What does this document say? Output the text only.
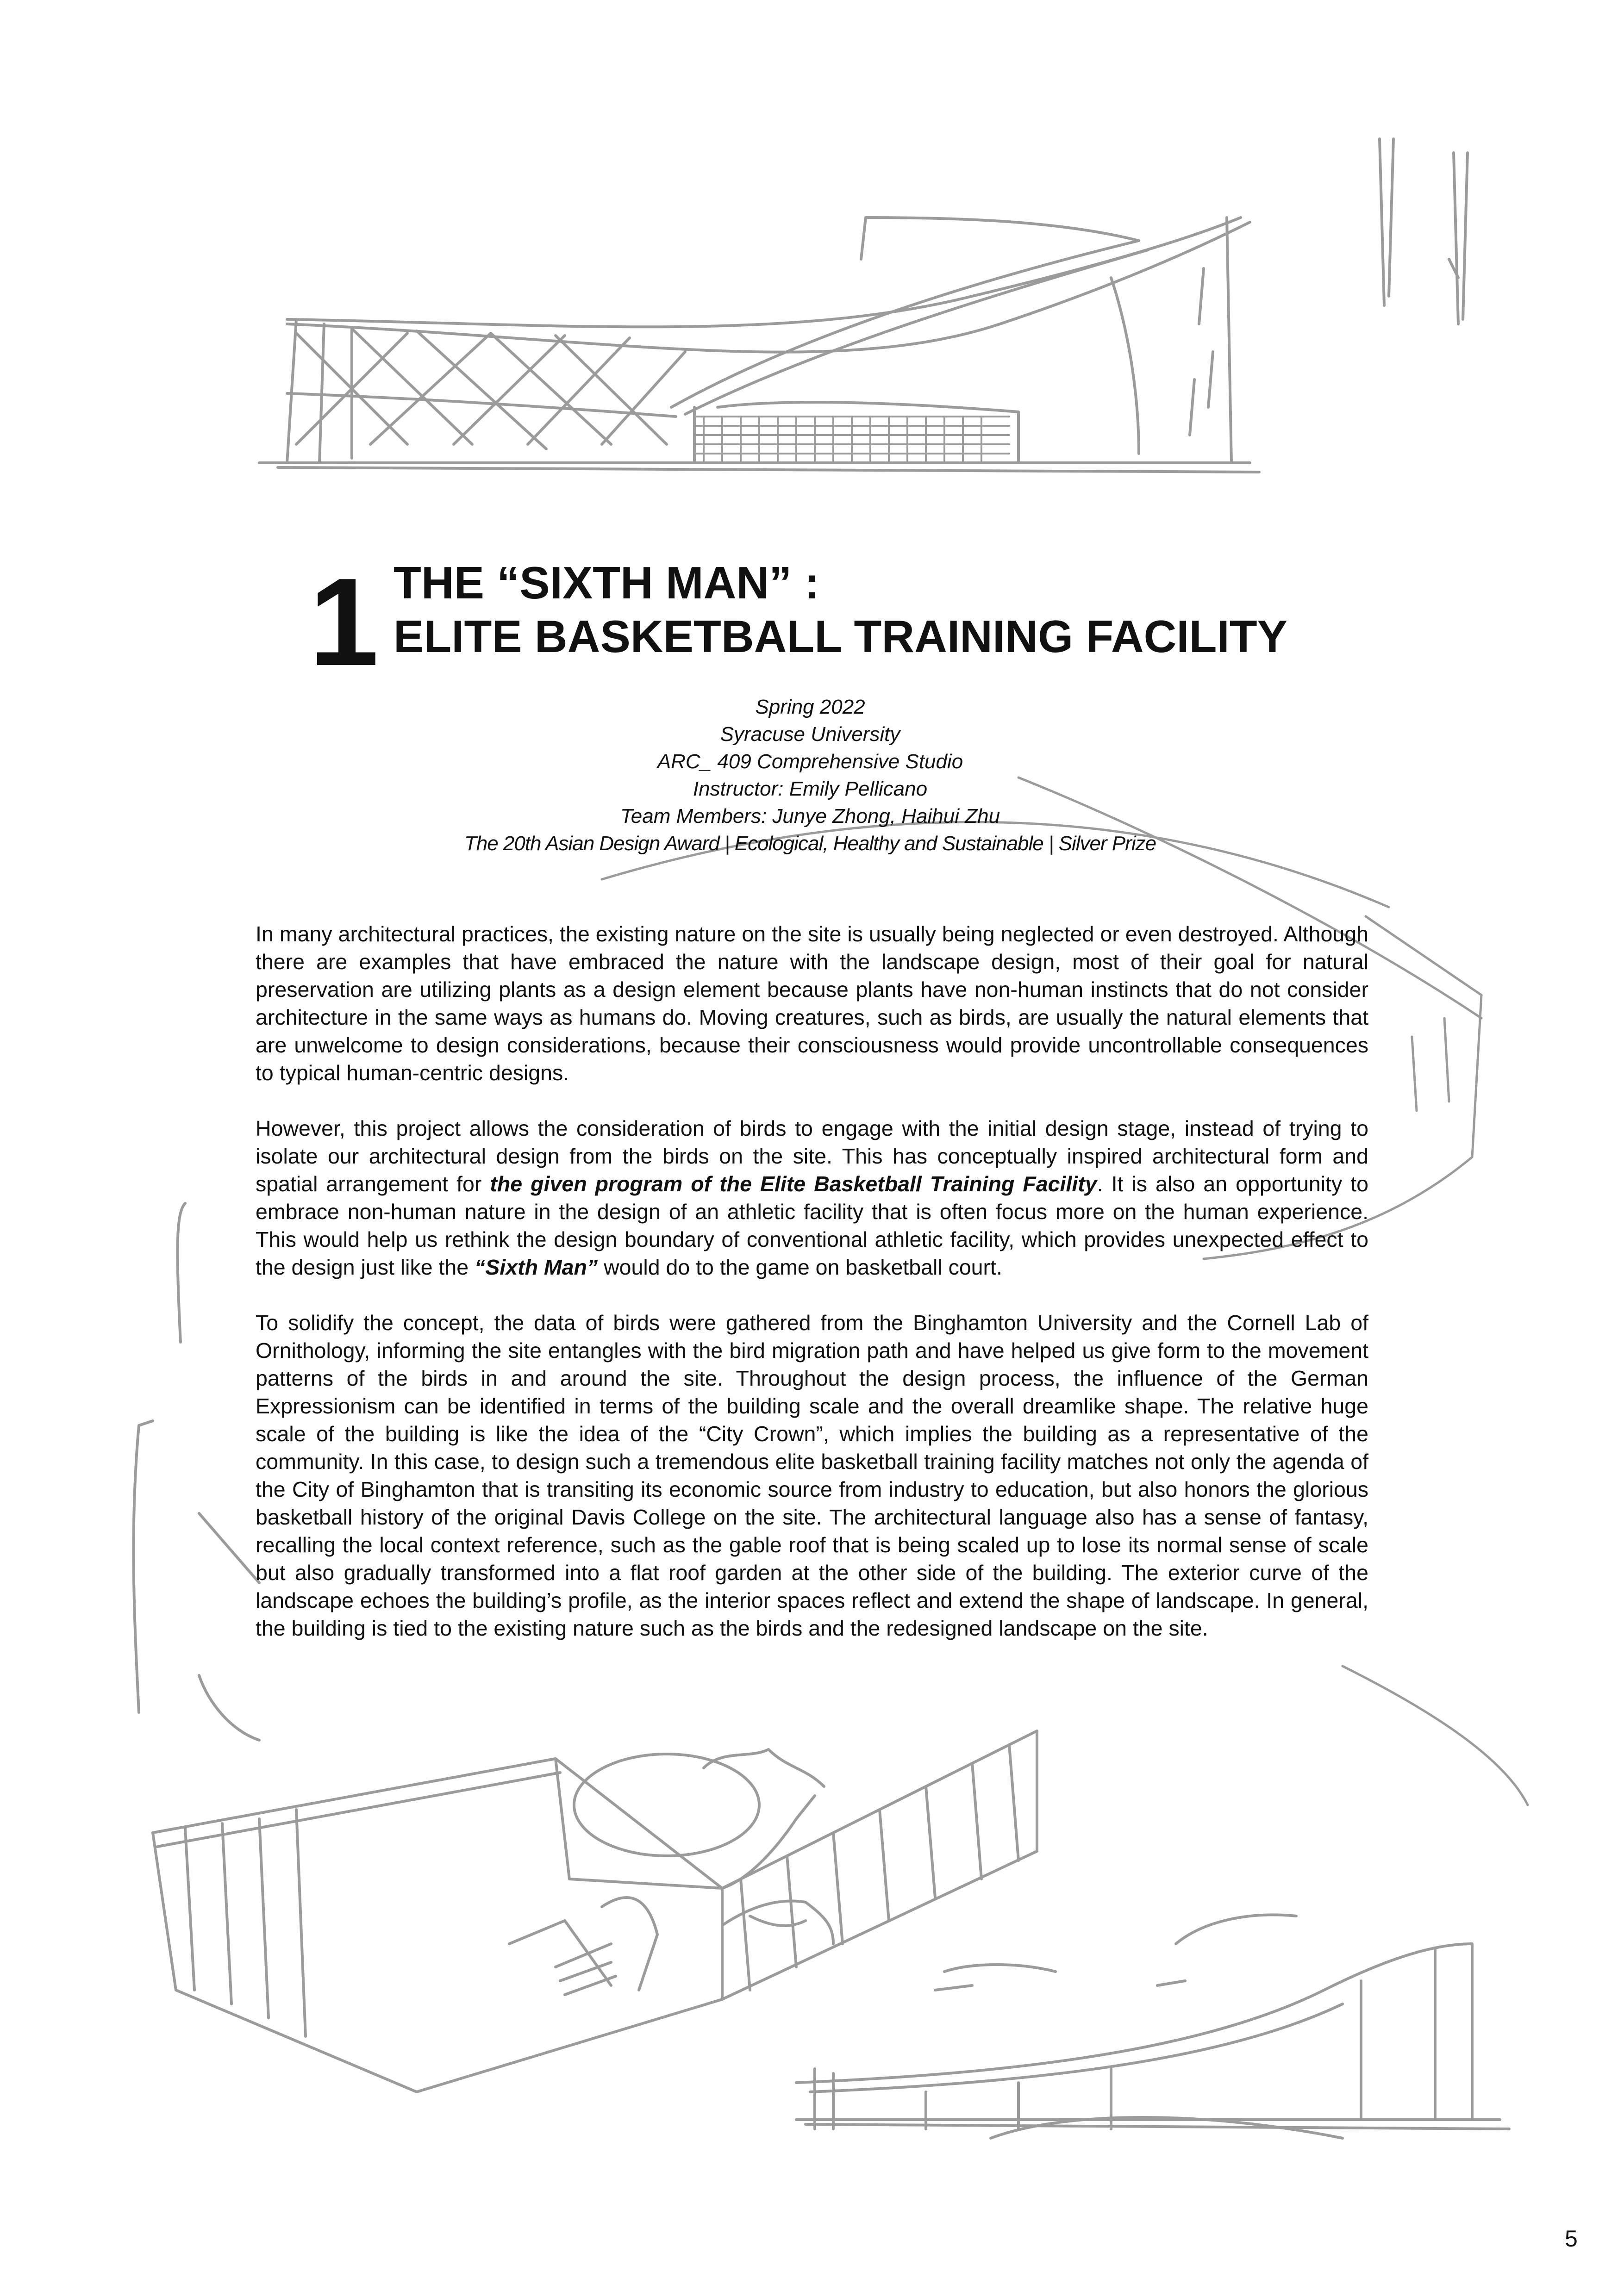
1 THE “SIXTH MAN” :
ELITE BASKETBALL TRAINING FACILITY
Spring 2022
Syracuse University
ARC_ 409 Comprehensive Studio
Instructor: Emily Pellicano
Team Members: Junye Zhong, Haihui Zhu
The 20th Asian Design Award | Ecological, Healthy and Sustainable | Silver Prize

In many architectural practices, the existing nature on the site is usually being neglected or even destroyed. Although there are examples that have embraced the nature with the landscape design, most of their goal for natural preservation are utilizing plants as a design element because plants have non-human instincts that do not consider architecture in the same ways as humans do. Moving creatures, such as birds, are usually the natural elements that are unwelcome to design considerations, because their consciousness would provide uncontrollable consequences to typical human-centric designs.

However, this project allows the consideration of birds to engage with the initial design stage, instead of trying to isolate our architectural design from the birds on the site. This has conceptually inspired architectural form and spatial arrangement for the given program of the Elite Basketball Training Facility. It is also an opportunity to embrace non-human nature in the design of an athletic facility that is often focus more on the human experience. This would help us rethink the design boundary of conventional athletic facility, which provides unexpected effect to the design just like the “Sixth Man” would do to the game on basketball court.

To solidify the concept, the data of birds were gathered from the Binghamton University and the Cornell Lab of Ornithology, informing the site entangles with the bird migration path and have helped us give form to the movement patterns of the birds in and around the site. Throughout the design process, the influence of the German Expressionism can be identified in terms of the building scale and the overall dreamlike shape. The relative huge scale of the building is like the idea of the “City Crown”, which implies the building as a representative of the community. In this case, to design such a tremendous elite basketball training facility matches not only the agenda of the City of Binghamton that is transiting its economic source from industry to education, but also honors the glorious basketball history of the original Davis College on the site. The architectural language also has a sense of fantasy, recalling the local context reference, such as the gable roof that is being scaled up to lose its normal sense of scale but also gradually transformed into a flat roof garden at the other side of the building. The exterior curve of the landscape echoes the building’s profile, as the interior spaces reflect and extend the shape of landscape. In general, the building is tied to the existing nature such as the birds and the redesigned landscape on the site.

5
